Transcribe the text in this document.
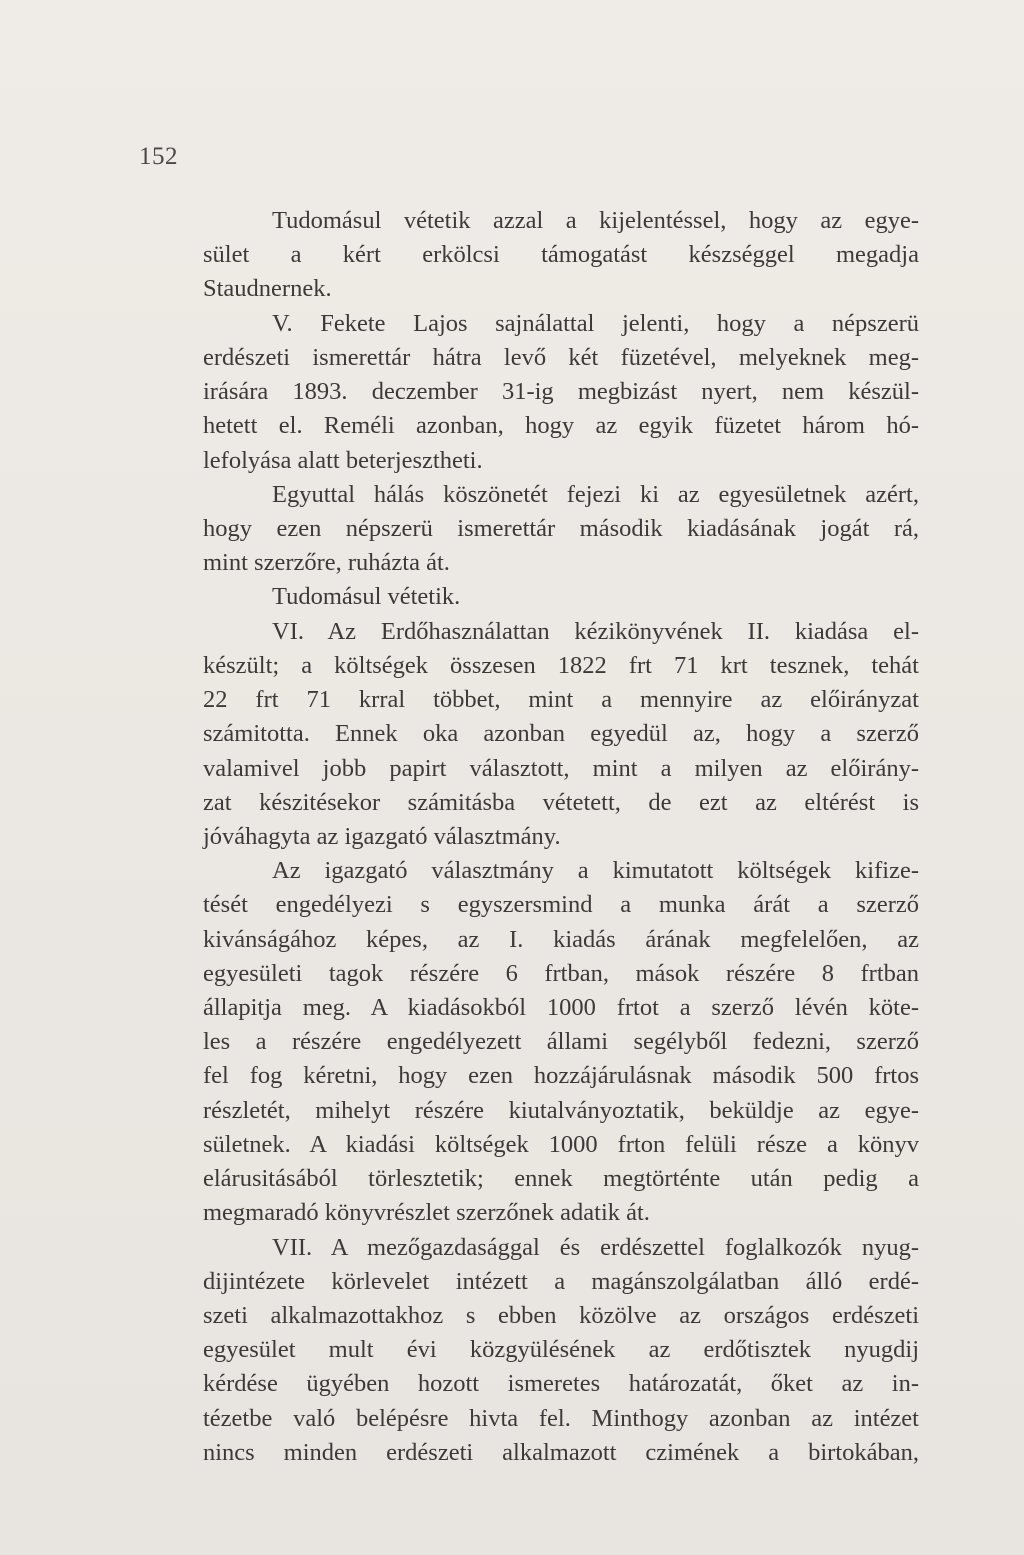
152
Tudomásul vétetik azzal a kijelentéssel, hogy az egye-
sület a kért erkölcsi támogatást készséggel megadja
Staudnernek.
V. Fekete Lajos sajnálattal jelenti, hogy a népszerü
erdészeti ismerettár hátra levő két füzetével, melyeknek meg-
irására 1893. deczember 31-ig megbizást nyert, nem készül-
hetett el. Reméli azonban, hogy az egyik füzetet három hó-
lefolyása alatt beterjesztheti.
Egyuttal hálás köszönetét fejezi ki az egyesületnek azért,
hogy ezen népszerü ismerettár második kiadásának jogát rá,
mint szerzőre, ruházta át.
Tudomásul vétetik.
VI. Az Erdőhasználattan kézikönyvének II. kiadása el-
készült; a költségek összesen 1822 frt 71 krt tesznek, tehát
22 frt 71 krral többet, mint a mennyire az előirányzat
számitotta. Ennek oka azonban egyedül az, hogy a szerző
valamivel jobb papirt választott, mint a milyen az előirány-
zat készitésekor számitásba vétetett, de ezt az eltérést is
jóváhagyta az igazgató választmány.
Az igazgató választmány a kimutatott költségek kifize-
tését engedélyezi s egyszersmind a munka árát a szerző
kivánságához képes, az I. kiadás árának megfelelően, az
egyesületi tagok részére 6 frtban, mások részére 8 frtban
állapitja meg. A kiadásokból 1000 frtot a szerző lévén köte-
les a részére engedélyezett állami segélyből fedezni, szerző
fel fog kéretni, hogy ezen hozzájárulásnak második 500 frtos
részletét, mihelyt részére kiutalványoztatik, beküldje az egye-
sületnek. A kiadási költségek 1000 frton felüli része a könyv
elárusitásából törlesztetik; ennek megtörténte után pedig a
megmaradó könyvrészlet szerzőnek adatik át.
VII. A mezőgazdasággal és erdészettel foglalkozók nyug-
dijintézete körlevelet intézett a magánszolgálatban álló erdé-
szeti alkalmazottakhoz s ebben közölve az országos erdészeti
egyesület mult évi közgyülésének az erdőtisztek nyugdij
kérdése ügyében hozott ismeretes határozatát, őket az in-
tézetbe való belépésre hivta fel. Minthogy azonban az intézet
nincs minden erdészeti alkalmazott czimének a birtokában,
